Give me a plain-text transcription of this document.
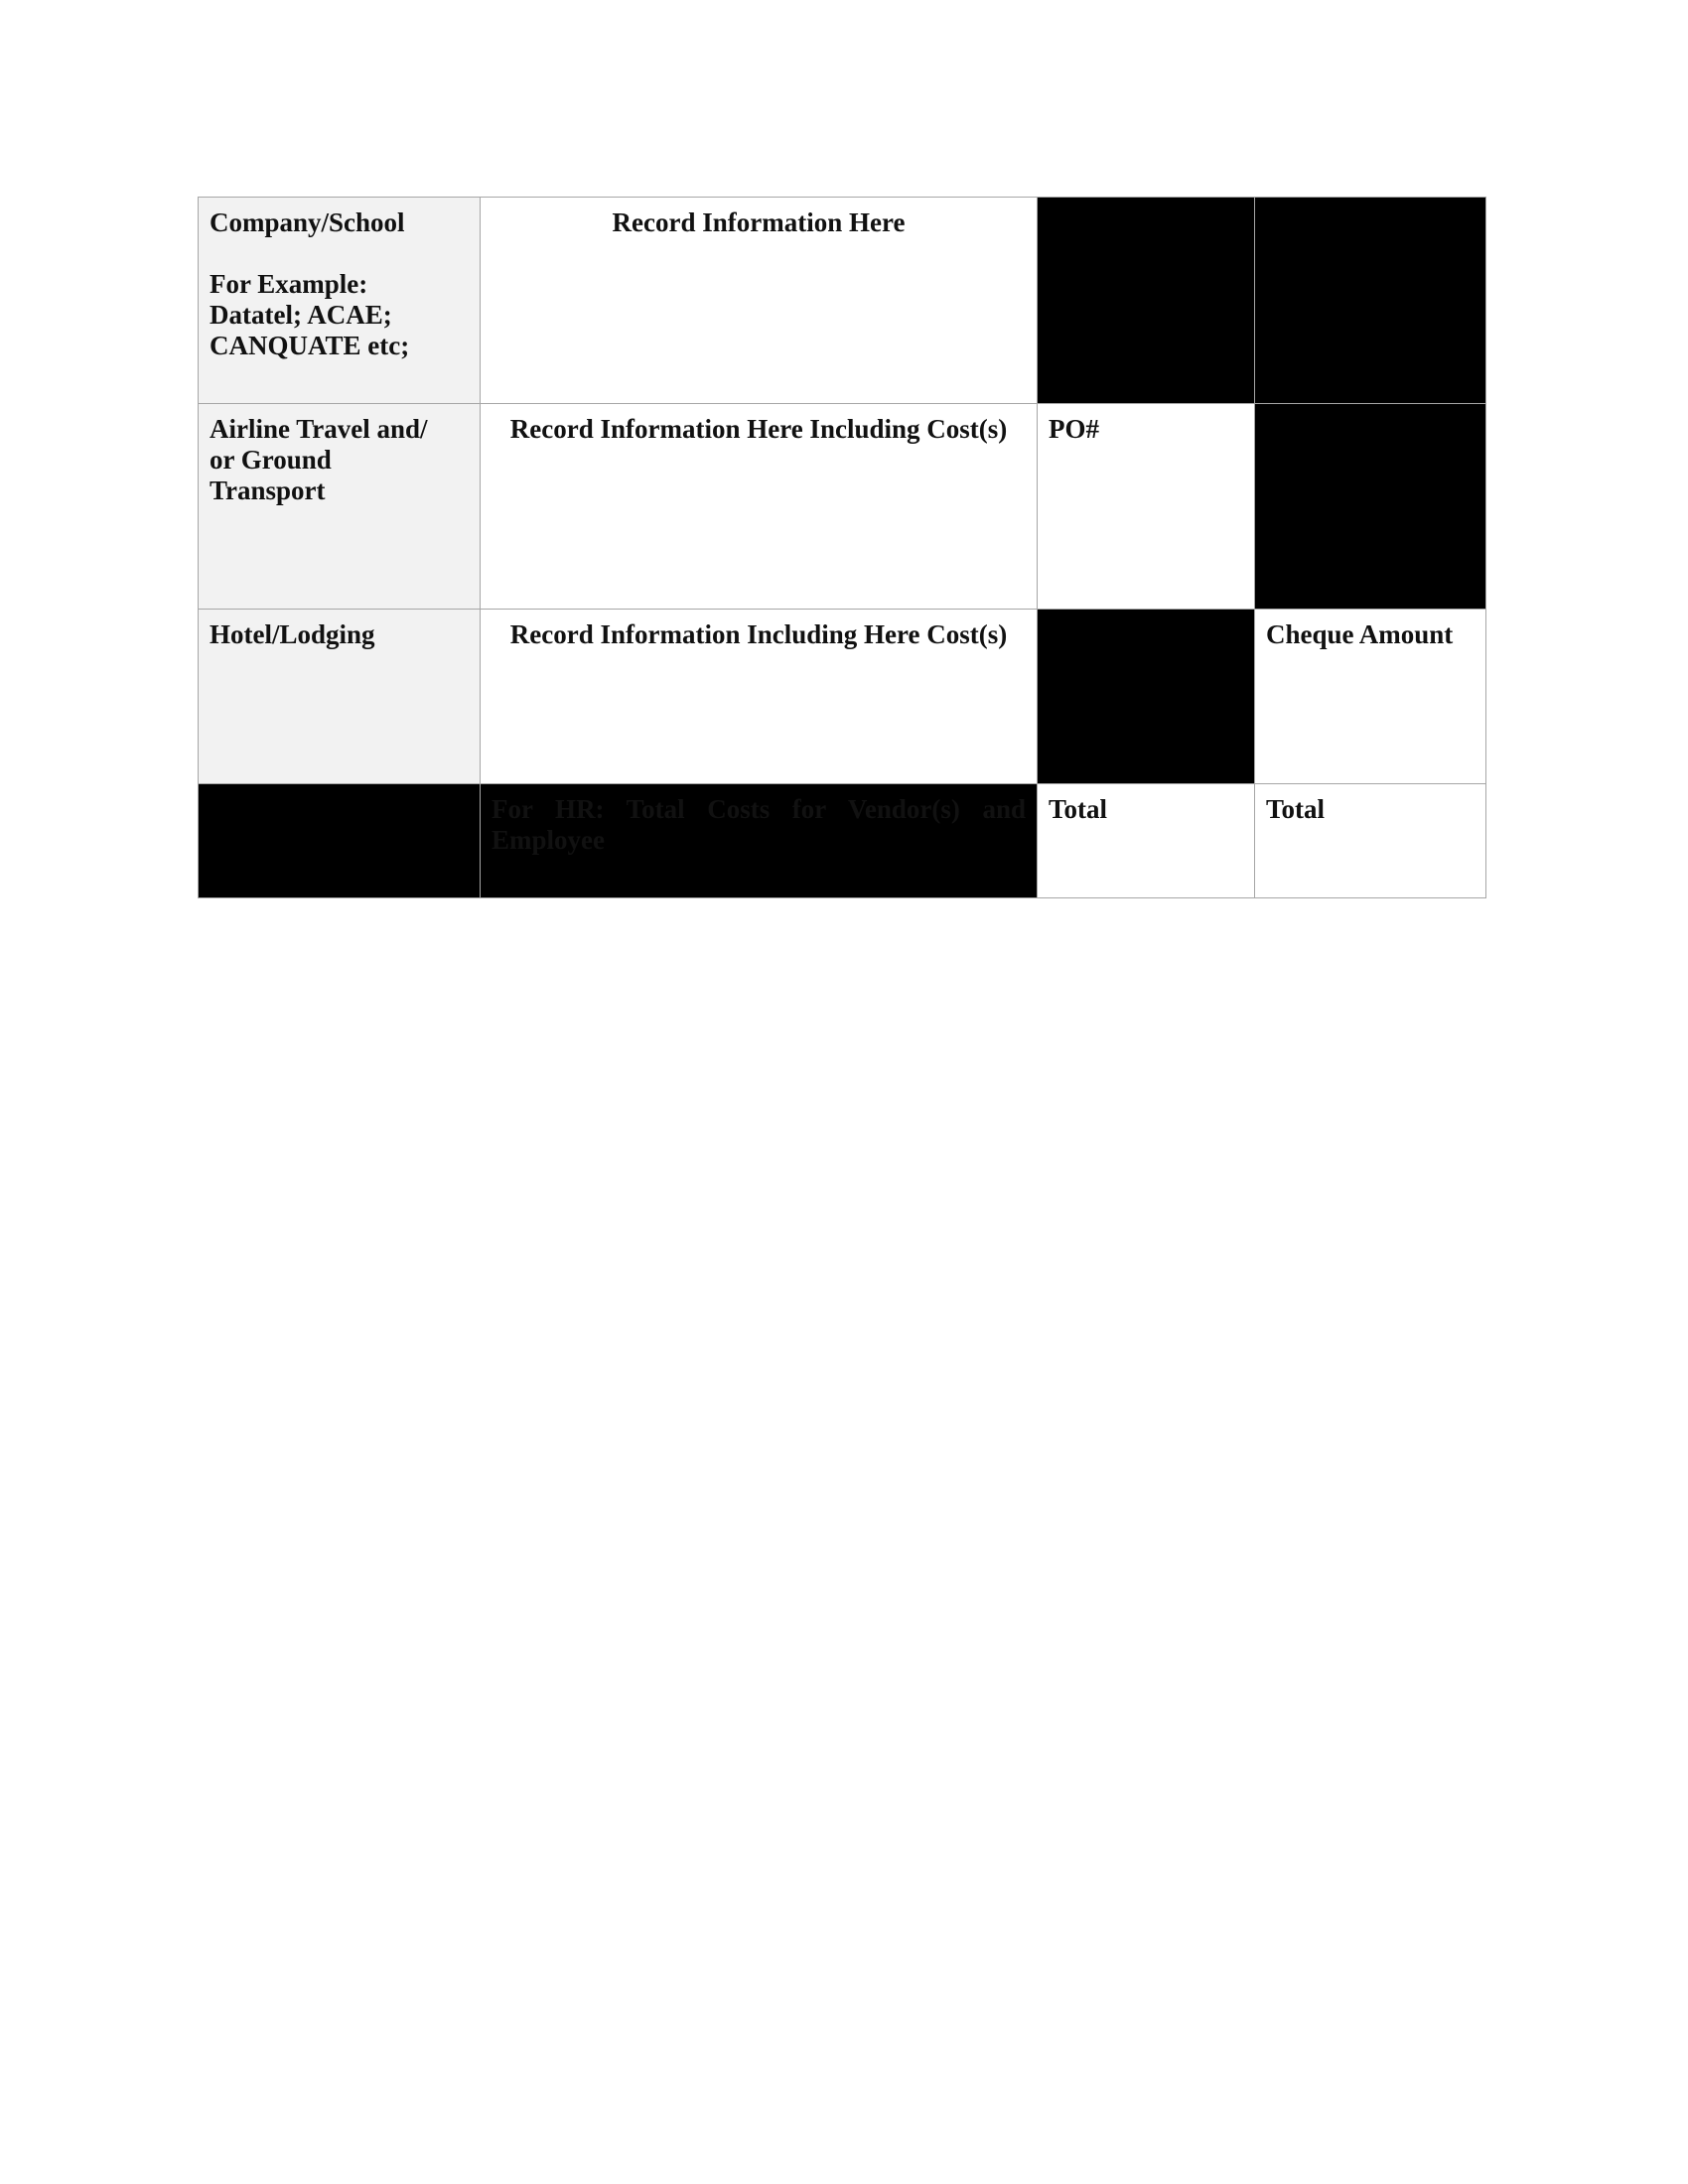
Company/School
For Example:
Datatel; ACAE;
CANQUATE etc;	Record Information Here		

Airline Travel and/
or Ground
Transport	Record Information Here Including Cost(s)	PO#	
Hotel/Lodging	Record Information Including Here Cost(s)		Cheque Amount
	For HR: Total Costs for Vendor(s) and Employee	Total	Total
